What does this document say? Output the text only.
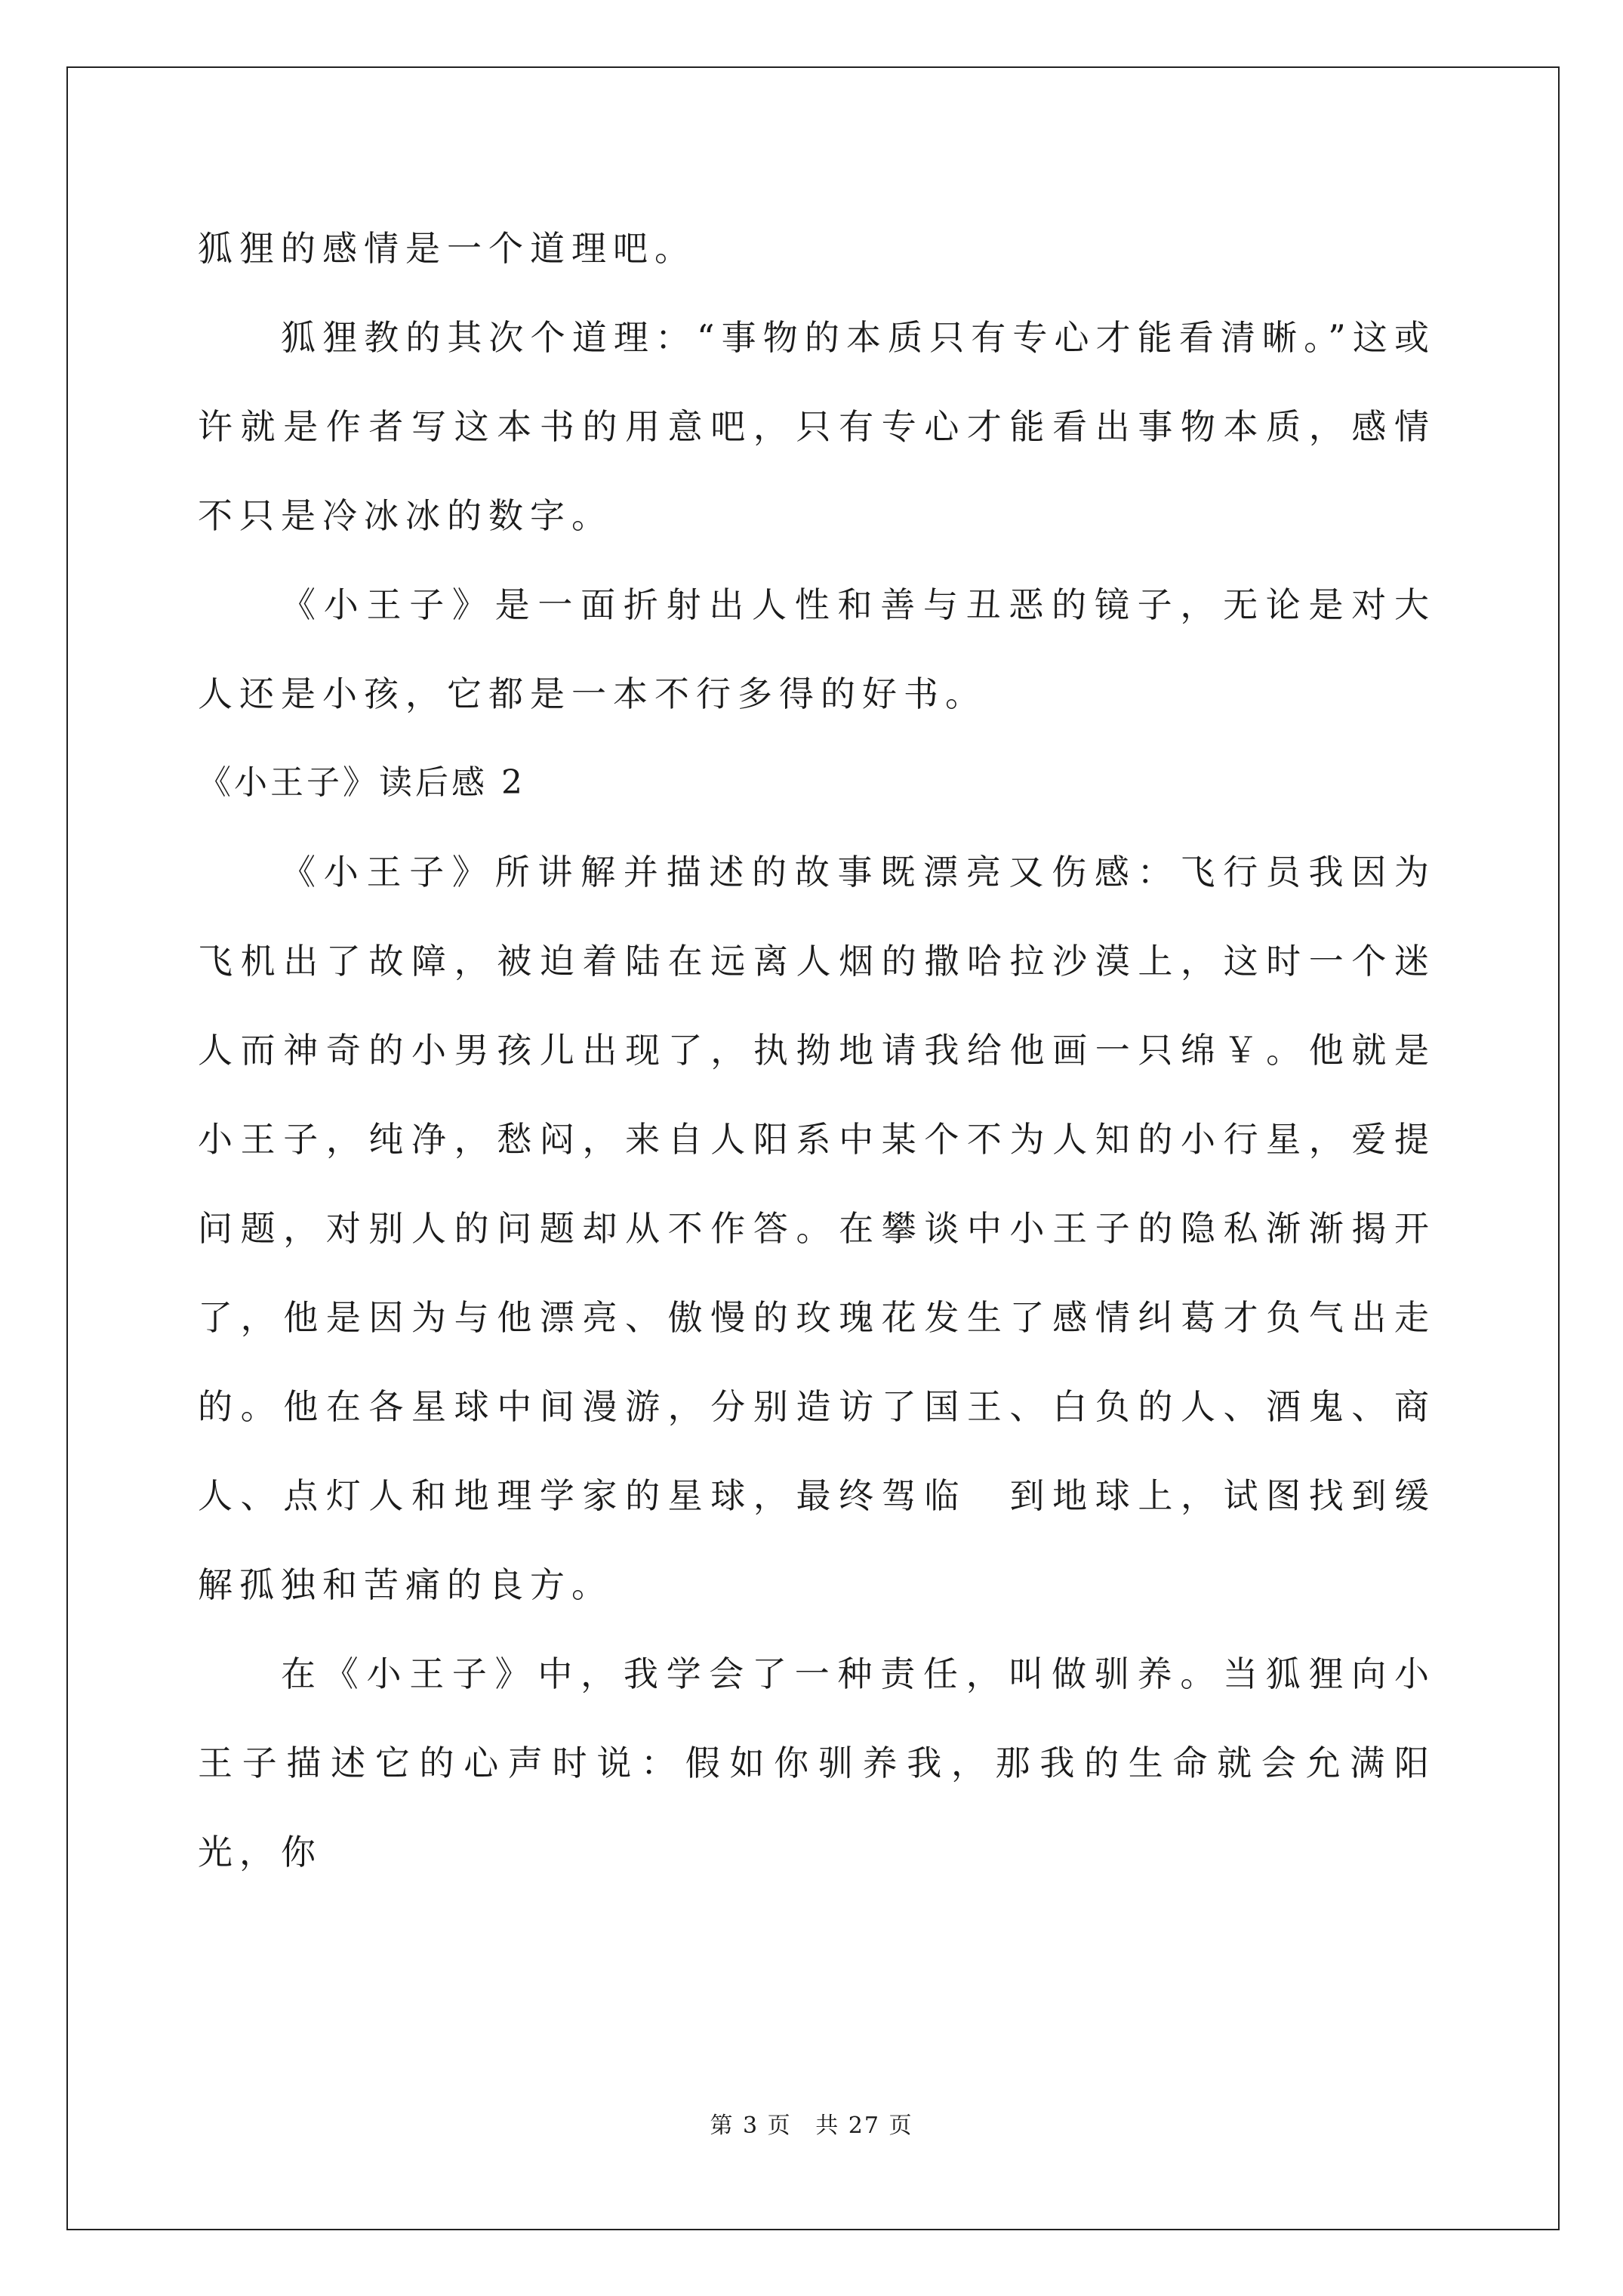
狐狸的感情是一个道理吧。

狐狸教的其次个道理：“事物的本质只有专心才能看清晰。”这或许就是作者写这本书的用意吧，只有专心才能看出事物本质，感情不只是冷冰冰的数字。

《小王子》是一面折射出人性和善与丑恶的镜子，无论是对大人还是小孩，它都是一本不行多得的好书。

《小王子》读后感 2

《小王子》所讲解并描述的故事既漂亮又伤感：飞行员我因为飞机出了故障，被迫着陆在远离人烟的撒哈拉沙漠上，这时一个迷人而神奇的小男孩儿出现了，执拗地请我给他画一只绵￥。他就是小王子，纯净，愁闷，来自人阳系中某个不为人知的小行星，爱提问题，对别人的问题却从不作答。在攀谈中小王子的隐私渐渐揭开了，他是因为与他漂亮、傲慢的玫瑰花发生了感情纠葛才负气出走的。他在各星球中间漫游，分别造访了国王、白负的人、酒鬼、商人、点灯人和地理学家的星球，最终驾临　到地球上，试图找到缓解孤独和苦痛的良方。

在《小王子》中，我学会了一种责任，叫做驯养。当狐狸向小王子描述它的心声时说：假如你驯养我，那我的生命就会允满阳光，你

第 3 页 共 27 页
